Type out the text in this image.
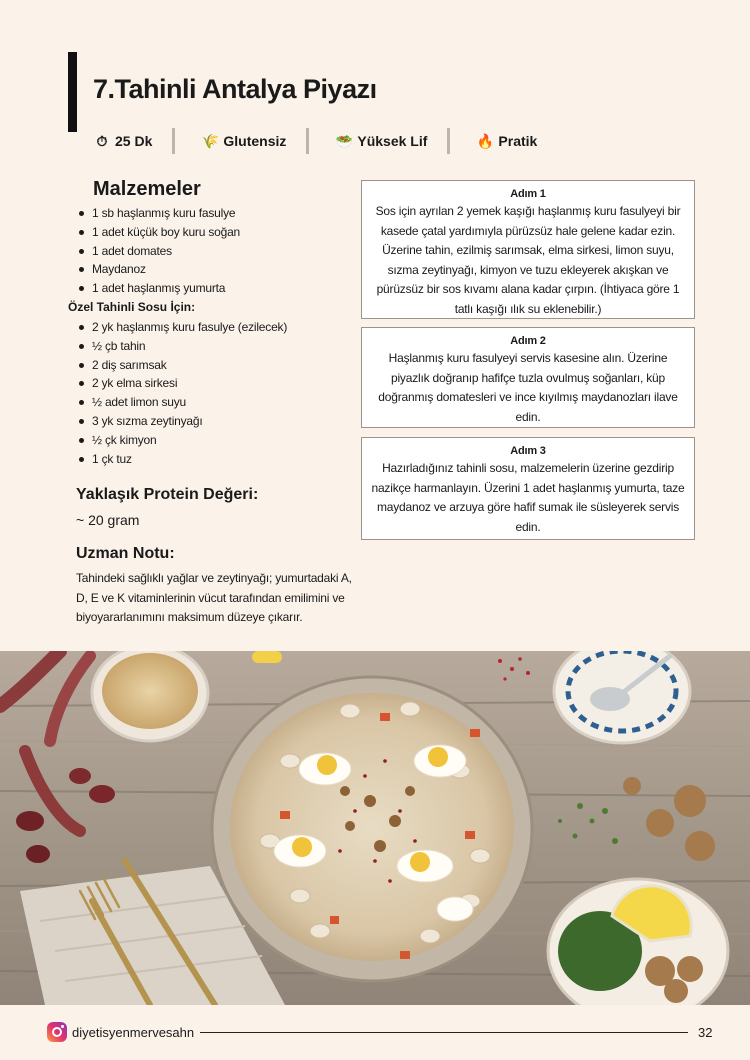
7.Tahinli Antalya Piyazı
⏱ 25 Dk	🌾 Glutensiz	🥗 Yüksek Lif	🔥 Pratik
Malzemeler
1 sb haşlanmış kuru fasulye
1 adet küçük boy kuru soğan
1 adet domates
Maydanoz
1 adet haşlanmış yumurta
Özel Tahinli Sosu İçin:
2 yk haşlanmış kuru fasulye (ezilecek)
½ çb tahin
2 diş sarımsak
2 yk elma sirkesi
½ adet limon suyu
3 yk sızma zeytinyağı
½ çk kimyon
1 çk tuz
Yaklaşık Protein Değeri:
~ 20 gram
Uzman Notu:

Tahindeki sağlıklı yağlar ve zeytinyağı; yumurtadaki A, D, E ve K vitaminlerinin vücut tarafından emilimini ve biyoyararlanımını maksimum düzeye çıkarır.

Adım 1
Sos için ayrılan 2 yemek kaşığı haşlanmış kuru fasulyeyi bir kasede çatal yardımıyla pürüzsüz hale gelene kadar ezin. Üzerine tahin, ezilmiş sarımsak, elma sirkesi, limon suyu, sızma zeytinyağı, kimyon ve tuzu ekleyerek akışkan ve pürüzsüz bir sos kıvamı alana kadar çırpın. (İhtiyaca göre 1 tatlı kaşığı ılık su eklenebilir.)
Adım 2
Haşlanmış kuru fasulyeyi servis kasesine alın. Üzerine piyazlık doğranıp hafifçe tuzla ovulmuş soğanları, küp doğranmış domatesleri ve ince kıyılmış maydanozları ilave edin.
Adım 3
Hazırladığınız tahinli sosu, malzemelerin üzerine gezdirip nazikçe harmanlayın. Üzerini 1 adet haşlanmış yumurta, taze maydanoz ve arzuya göre hafif sumak ile süsleyerek servis edin.
diyetisyenmervesahn	32
